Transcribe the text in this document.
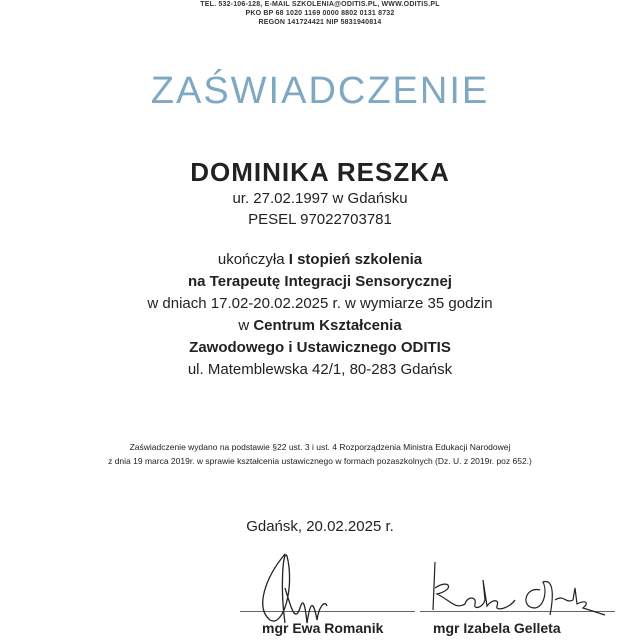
TEL. 532-106-128, E-MAIL SZKOLENIA@ODITIS.PL, WWW.ODITIS.PL
PKO BP 68 1020 1169 0000 8802 0131 8732
REGON 141724421 NIP 5831940814
ZAŚWIADCZENIE
DOMINIKA RESZKA
ur. 27.02.1997 w Gdańsku
PESEL 97022703781
ukończyła I stopień szkolenia
na Terapeutę Integracji Sensorycznej
w dniach 17.02-20.02.2025 r. w wymiarze 35 godzin
w Centrum Kształcenia
Zawodowego i Ustawicznego ODITIS
ul. Matemblewska 42/1, 80-283 Gdańsk
Zaświadczenie wydano na podstawie §22 ust. 3 i ust. 4 Rozporządzenia Ministra Edukacji Narodowej
z dnia 19 marca 2019r. w sprawie kształcenia ustawicznego w formach pozaszkolnych (Dz. U. z 2019r. poz 652.)
Gdańsk, 20.02.2025 r.
mgr Ewa Romanik	mgr Izabela Gelleta
